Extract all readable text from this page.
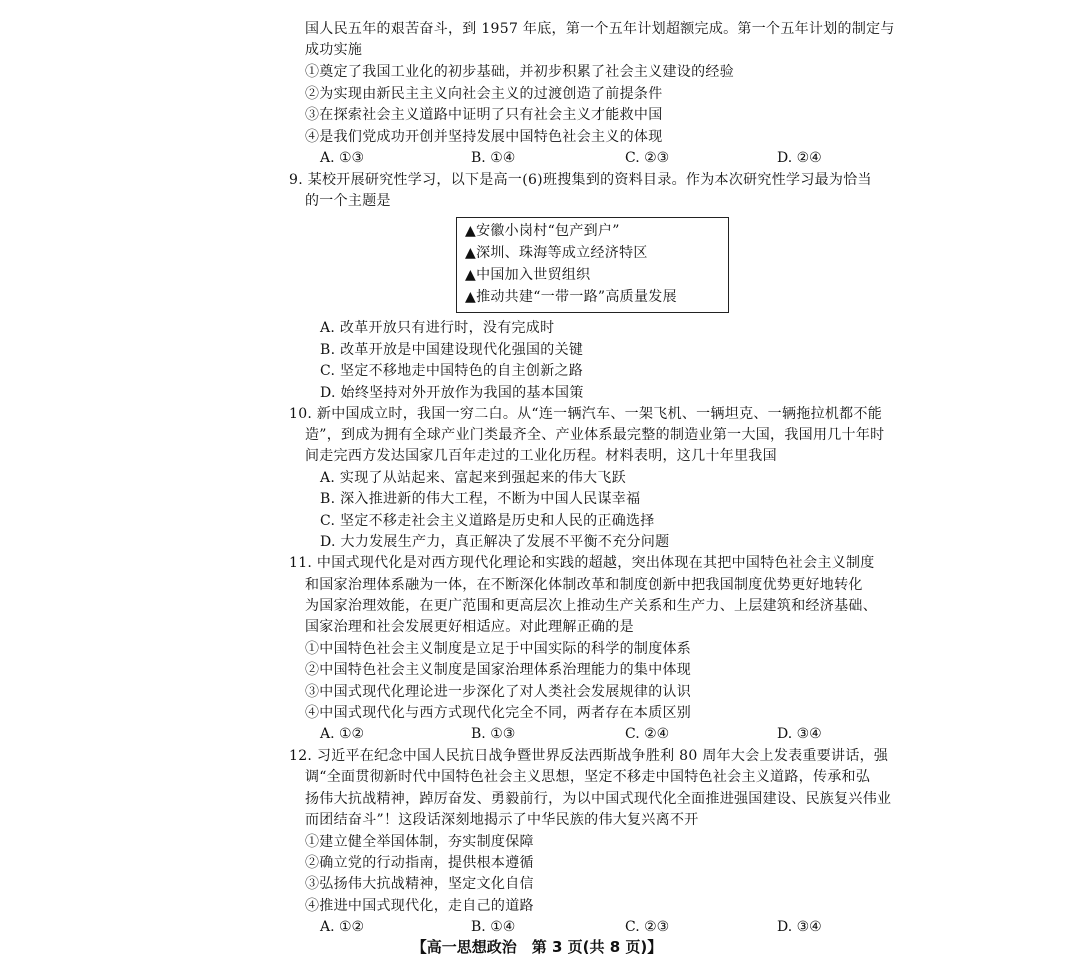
国人民五年的艰苦奋斗，到 1957 年底，第一个五年计划超额完成。第一个五年计划的制定与
成功实施
①奠定了我国工业化的初步基础，并初步积累了社会主义建设的经验
②为实现由新民主主义向社会主义的过渡创造了前提条件
③在探索社会主义道路中证明了只有社会主义才能救中国
④是我们党成功开创并坚持发展中国特色社会主义的体现
A. ①③	B. ①④	C. ②③	D. ②④
9. 某校开展研究性学习，以下是高一(6)班搜集到的资料目录。作为本次研究性学习最为恰当
的一个主题是
▲安徽小岗村“包产到户”
▲深圳、珠海等成立经济特区
▲中国加入世贸组织
▲推动共建“一带一路”高质量发展
A. 改革开放只有进行时，没有完成时
B. 改革开放是中国建设现代化强国的关键
C. 坚定不移地走中国特色的自主创新之路
D. 始终坚持对外开放作为我国的基本国策
10. 新中国成立时，我国一穷二白。从“连一辆汽车、一架飞机、一辆坦克、一辆拖拉机都不能
造”，到成为拥有全球产业门类最齐全、产业体系最完整的制造业第一大国，我国用几十年时
间走完西方发达国家几百年走过的工业化历程。材料表明，这几十年里我国
A. 实现了从站起来、富起来到强起来的伟大飞跃
B. 深入推进新的伟大工程，不断为中国人民谋幸福
C. 坚定不移走社会主义道路是历史和人民的正确选择
D. 大力发展生产力，真正解决了发展不平衡不充分问题
11. 中国式现代化是对西方现代化理论和实践的超越，突出体现在其把中国特色社会主义制度
和国家治理体系融为一体，在不断深化体制改革和制度创新中把我国制度优势更好地转化
为国家治理效能，在更广范围和更高层次上推动生产关系和生产力、上层建筑和经济基础、
国家治理和社会发展更好相适应。对此理解正确的是
①中国特色社会主义制度是立足于中国实际的科学的制度体系
②中国特色社会主义制度是国家治理体系治理能力的集中体现
③中国式现代化理论进一步深化了对人类社会发展规律的认识
④中国式现代化与西方式现代化完全不同，两者存在本质区别
A. ①②	B. ①③	C. ②④	D. ③④
12. 习近平在纪念中国人民抗日战争暨世界反法西斯战争胜利 80 周年大会上发表重要讲话，强
调“全面贯彻新时代中国特色社会主义思想，坚定不移走中国特色社会主义道路，传承和弘
扬伟大抗战精神，踔厉奋发、勇毅前行，为以中国式现代化全面推进强国建设、民族复兴伟业
而团结奋斗”！这段话深刻地揭示了中华民族的伟大复兴离不开
①建立健全举国体制，夯实制度保障
②确立党的行动指南，提供根本遵循
③弘扬伟大抗战精神，坚定文化自信
④推进中国式现代化，走自己的道路
A. ①②	B. ①④	C. ②③	D. ③④
【高一思想政治　第 3 页(共 8 页)】
